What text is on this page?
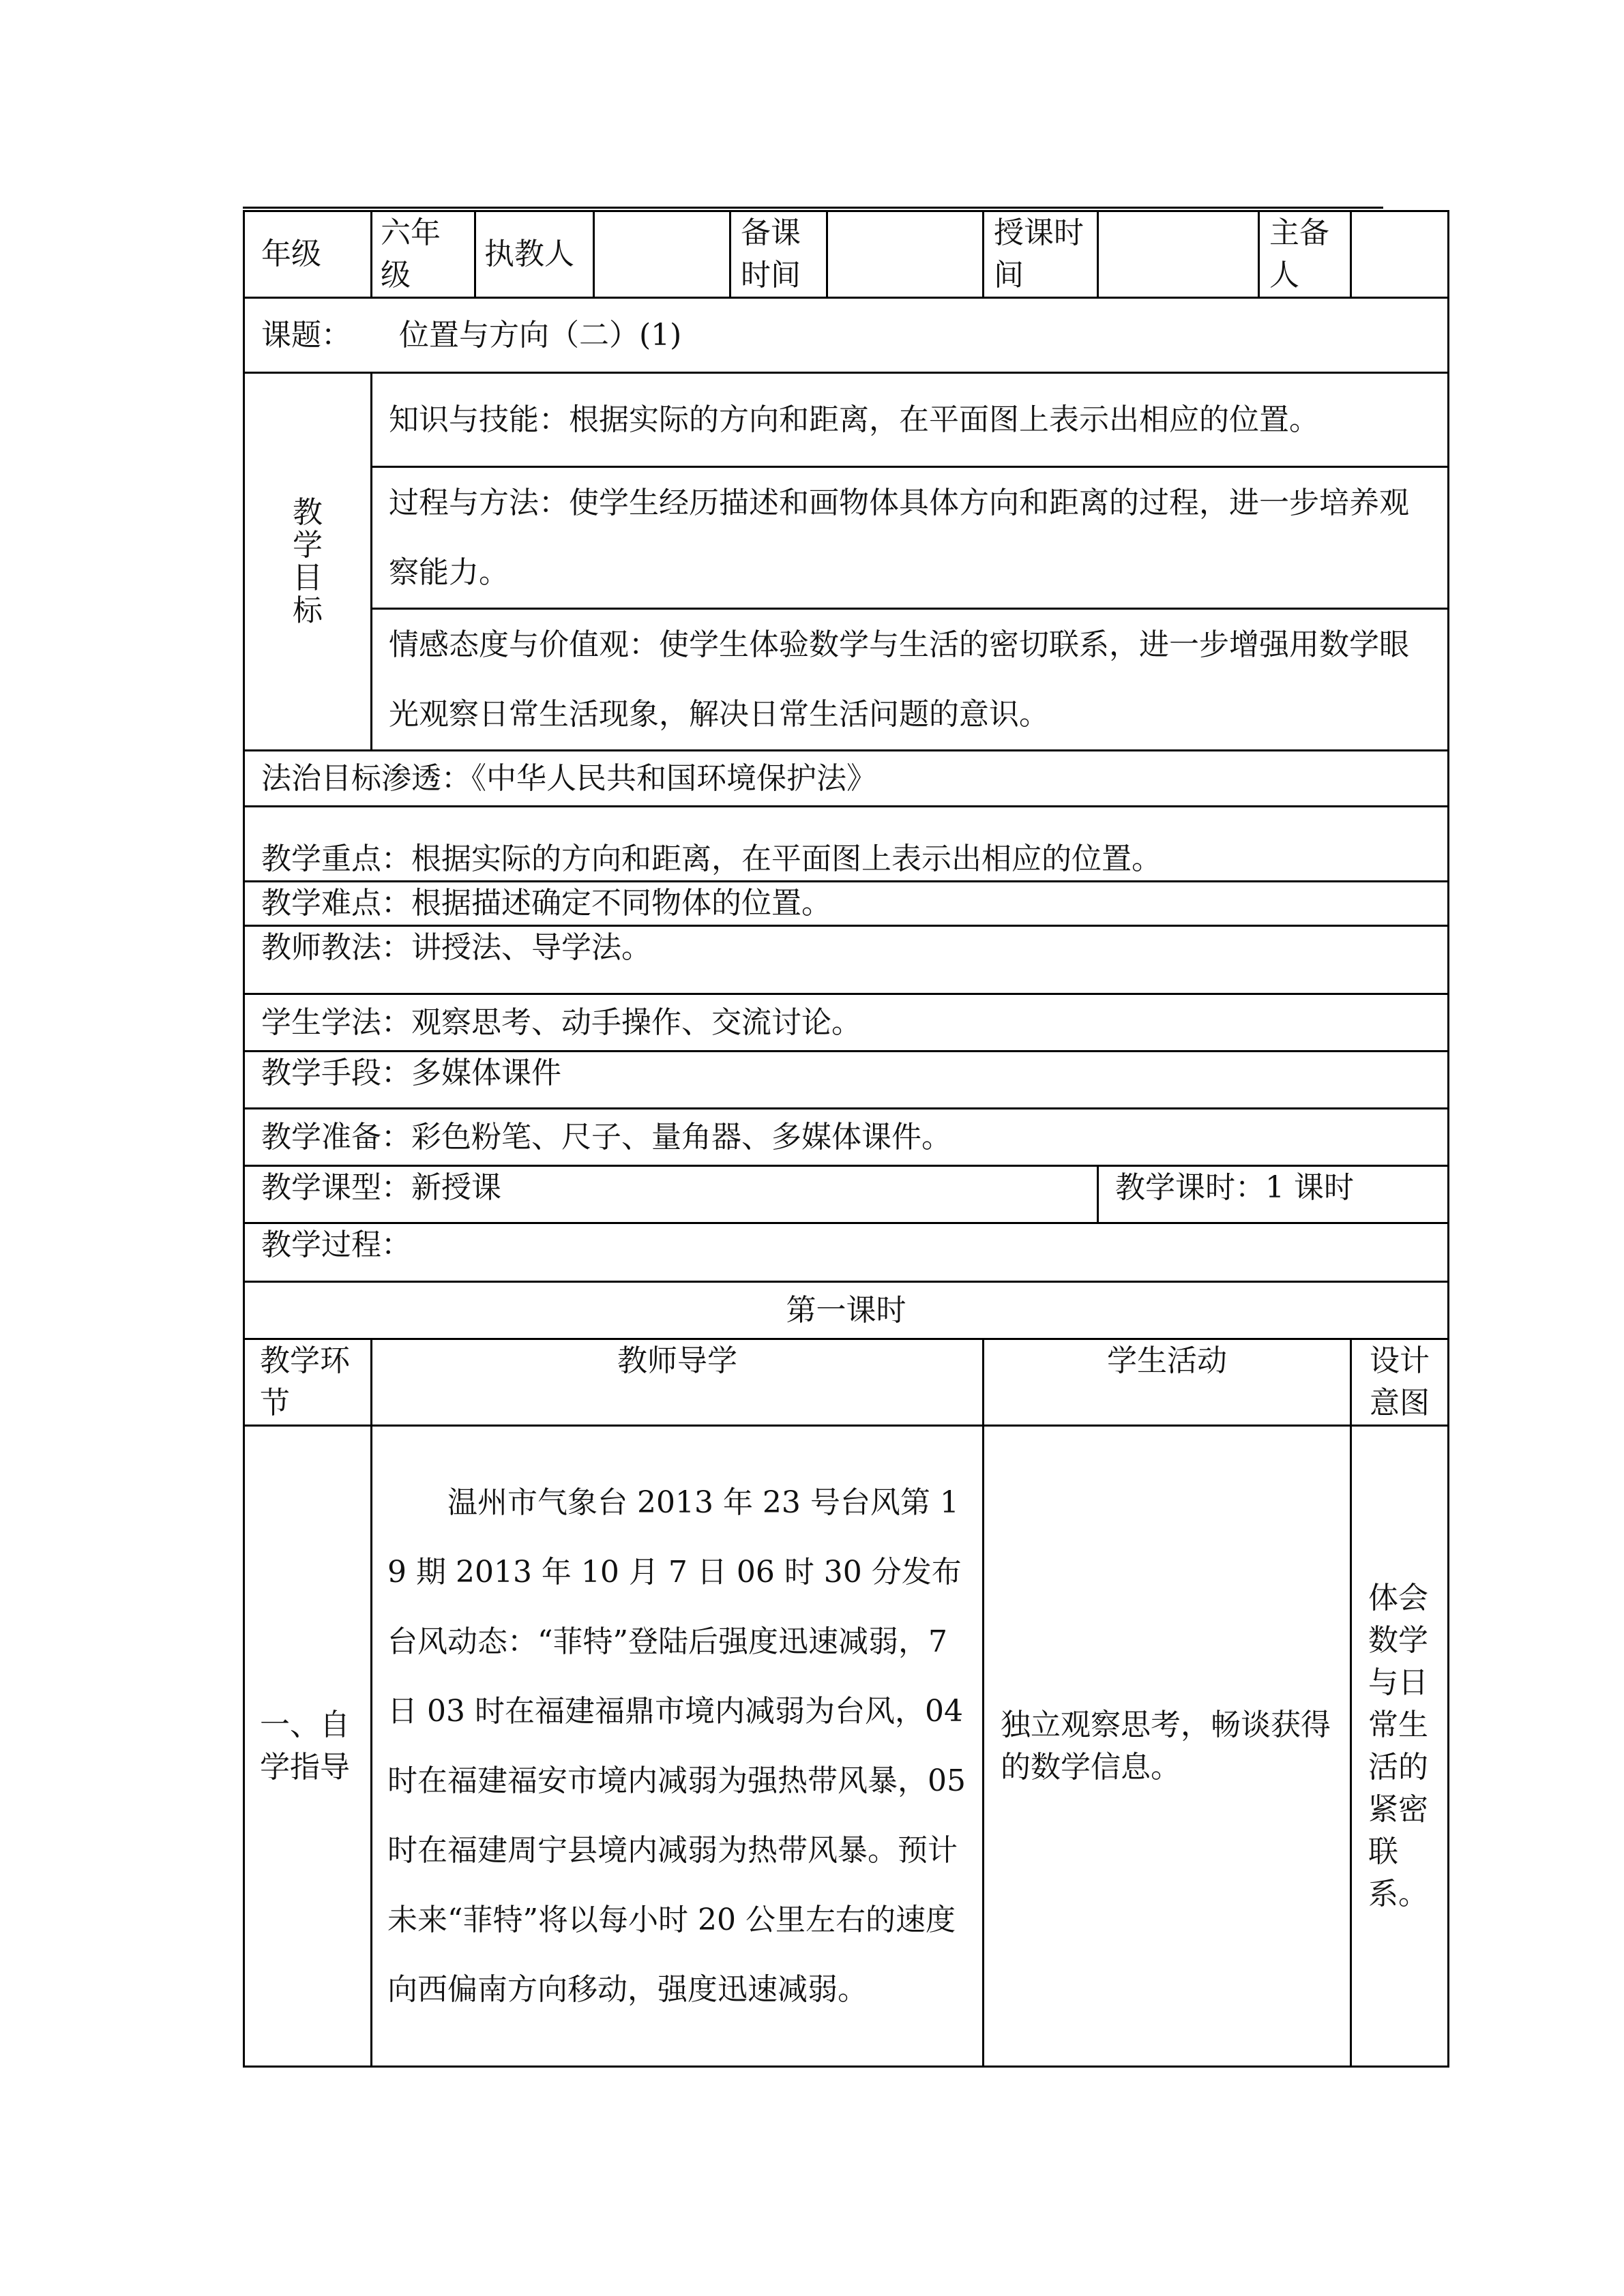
年级	六年级	执教人		备课时间		授课时间		主备人	
课题： 位置与方向（二）(1)									

教学目标	知识与技能：根据实际的方向和距离，在平面图上表示出相应的位置。								
	过程与方法：使学生经历描述和画物体具体方向和距离的过程，进一步培养观察能力。								
	情感态度与价值观：使学生体验数学与生活的密切联系，进一步增强用数学眼光观察日常生活现象，解决日常生活问题的意识。								
法治目标渗透：《中华人民共和国环境保护法》									
教学重点：根据实际的方向和距离，在平面图上表示出相应的位置。									
教学难点：根据描述确定不同物体的位置。									
教师教法：讲授法、导学法。									
学生学法：观察思考、动手操作、交流讨论。									
教学手段：多媒体课件									
教学准备：彩色粉笔、尺子、量角器、多媒体课件。									
教学课型：新授课							教学课时：1 课时		
教学过程：									
第一课时									
教学环节	教师导学					学生活动			设计意图
一、自学指导	温州市气象台 2013 年 23 号台风第 19 期 2013 年 10 月 7 日 06 时 30 分发布台风动态：“菲特”登陆后强度迅速减弱，7 日 03 时在福建福鼎市境内减弱为台风，04 时在福建福安市境内减弱为强热带风暴，05 时在福建周宁县境内减弱为热带风暴。预计未来“菲特”将以每小时 20 公里左右的速度向西偏南方向移动，强度迅速减弱。					独立观察思考，畅谈获得的数学信息。			体会数学与日常生活的紧密联系。
